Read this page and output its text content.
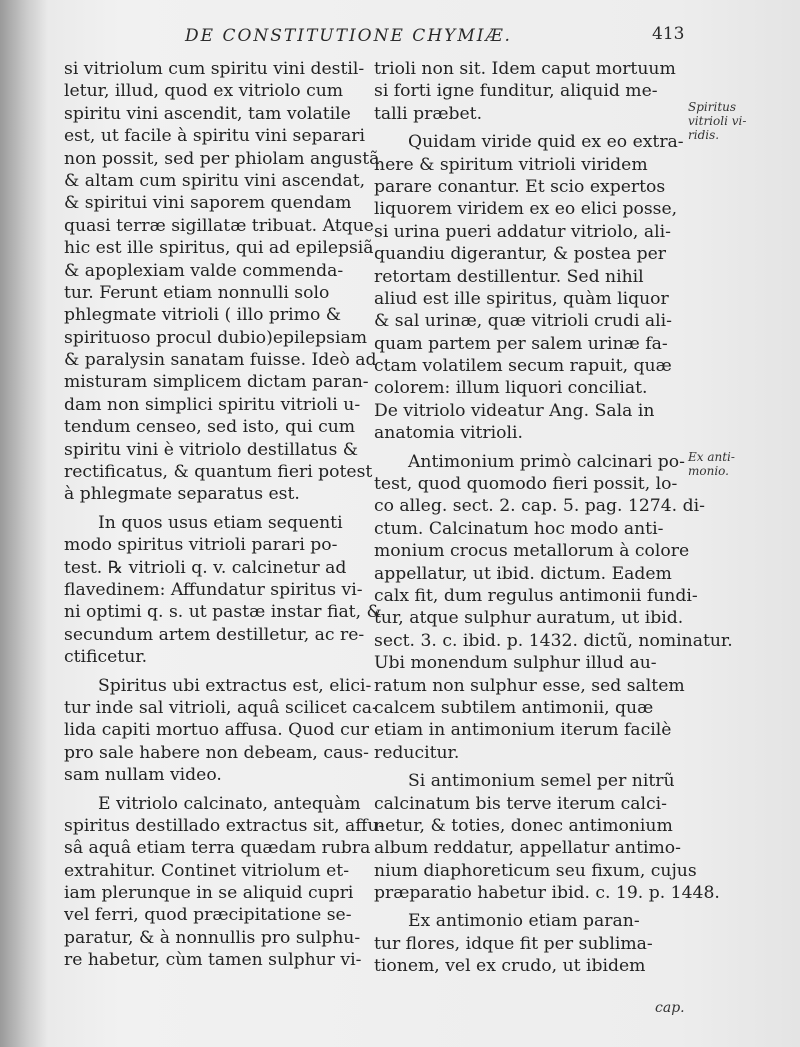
DE CONSTITUTIONE CHYMIÆ.	413
si vitriolum cum spiritu vini destil-
letur, illud, quod ex vitriolo cum
spiritu vini ascendit, tam volatile
est, ut facile à spiritu vini separari
non possit, sed per phiolam angustã
& altam cum spiritu vini ascendat,
& spiritui vini saporem quendam
quasi terræ sigillatæ tribuat. Atque
hic est ille spiritus, qui ad epilepsiã
& apoplexiam valde commenda-
tur. Ferunt etiam nonnulli solo
phlegmate vitrioli ( illo primo &
spirituoso procul dubio)epilepsiam
& paralysin sanatam fuisse. Ideò ad
misturam simplicem dictam paran-
dam non simplici spiritu vitrioli u-
tendum censeo, sed isto, qui cum
spiritu vini è vitriolo destillatus &
rectificatus, & quantum fieri potest
à phlegmate separatus est.
In quos usus etiam sequenti
modo spiritus vitrioli parari po-
test. ℞ vitrioli q. v. calcinetur ad
flavedinem: Affundatur spiritus vi-
ni optimi q. s. ut pastæ instar fiat, &
secundum artem destilletur, ac re-
ctificetur.
Spiritus ubi extractus est, elici-
tur inde sal vitrioli, aquâ scilicet ca-
lida capiti mortuo affusa. Quod cur
pro sale habere non debeam, caus-
sam nullam video.
E vitriolo calcinato, antequàm
spiritus destillado extractus sit, affu-
sâ aquâ etiam terra quædam rubra
extrahitur. Continet vitriolum et-
iam plerunque in se aliquid cupri
vel ferri, quod præcipitatione se-
paratur, & à nonnullis pro sulphu-
re habetur, cùm tamen sulphur vi-
trioli non sit. Idem caput mortuum
si forti igne funditur, aliquid me-
talli præbet.
Quidam viride quid ex eo extra-
here & spiritum vitrioli viridem
parare conantur. Et scio expertos
liquorem viridem ex eo elici posse,
si urina pueri addatur vitriolo, ali-
quandiu digerantur, & postea per
retortam destillentur. Sed nihil
aliud est ille spiritus, quàm liquor
& sal urinæ, quæ vitrioli crudi ali-
quam partem per salem urinæ fa-
ctam volatilem secum rapuit, quæ
colorem: illum liquori conciliat.
De vitriolo videatur Ang. Sala in
anatomia vitrioli.
Antimonium primò calcinari po-
test, quod quomodo fieri possit, lo-
co alleg. sect. 2. cap. 5. pag. 1274. di-
ctum. Calcinatum hoc modo anti-
monium crocus metallorum à colore
appellatur, ut ibid. dictum. Eadem
calx fit, dum regulus antimonii fundi-
tur, atque sulphur auratum, ut ibid.
sect. 3. c. ibid. p. 1432. dictũ, nominatur.
Ubi monendum sulphur illud au-
ratum non sulphur esse, sed saltem
calcem subtilem antimonii, quæ
etiam in antimonium iterum facilè
reducitur.
Si antimonium semel per nitrũ
calcinatum bis terve iterum calci-
netur, & toties, donec antimonium
album reddatur, appellatur antimo-
nium diaphoreticum seu fixum, cujus
præparatio habetur ibid. c. 19. p. 1448.
Ex antimonio etiam paran-
tur flores, idque fit per sublima-
tionem, vel ex crudo, ut ibidem
Spiritus
vitrioli vi-
ridis.
Ex anti-
monio.
cap.
